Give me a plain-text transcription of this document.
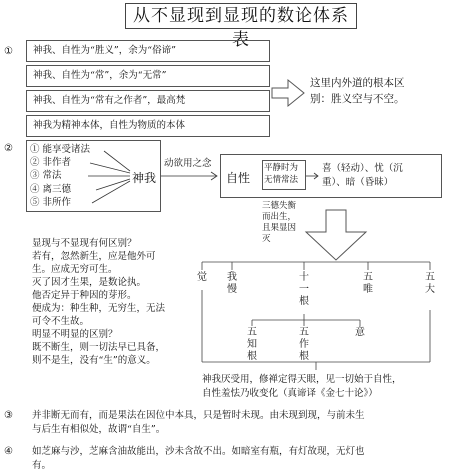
从不显现到显现的数论体系表
①	神我、自性为“胜义”，余为“俗谛”
神我、自性为“常”，余为“无常”
神我、自性为“常有之作者”，最高梵
神我为精神本体，自性为物质的本体
这里内外道的根本区
别：胜义空与不空。
② ① 能享受诸法
② 非作者
③ 常法
④ 离三德
⑤ 非所作
神我
动欲用之念
自性
平静时为
无情常法
喜（轻动）、忧（沉
重）、暗（昏昧）
三德失衡
而出生，
且果显因
灭
显现与不显现有何区别？
若有，忽然新生，应是他外可
生。应成无穷可生。
灭了因才生果，是数论执。
他否定异于种因的芽形。
便成为：种生种，无穷生，无法
可令不生故。
明显不明显的区别？
既不断生，则一切法早已具备，
则不是生，没有“生”的意义。
觉 我慢
十一根
五唯
五大
五知根
五作根
意
神我厌受用，修禅定得天眼，见一切始于自性，
自性羞怯乃收变化（真谛译《金七十论》）
③ 并非断无而有，而是果法在因位中本具，只是暂时未现。由未现到现，与前未生
与后生有相似处，故谓“自生”。
④ 如芝麻与沙，芝麻含油故能出，沙未含故不出。如暗室有瓶，有灯故现，无灯也
有。
